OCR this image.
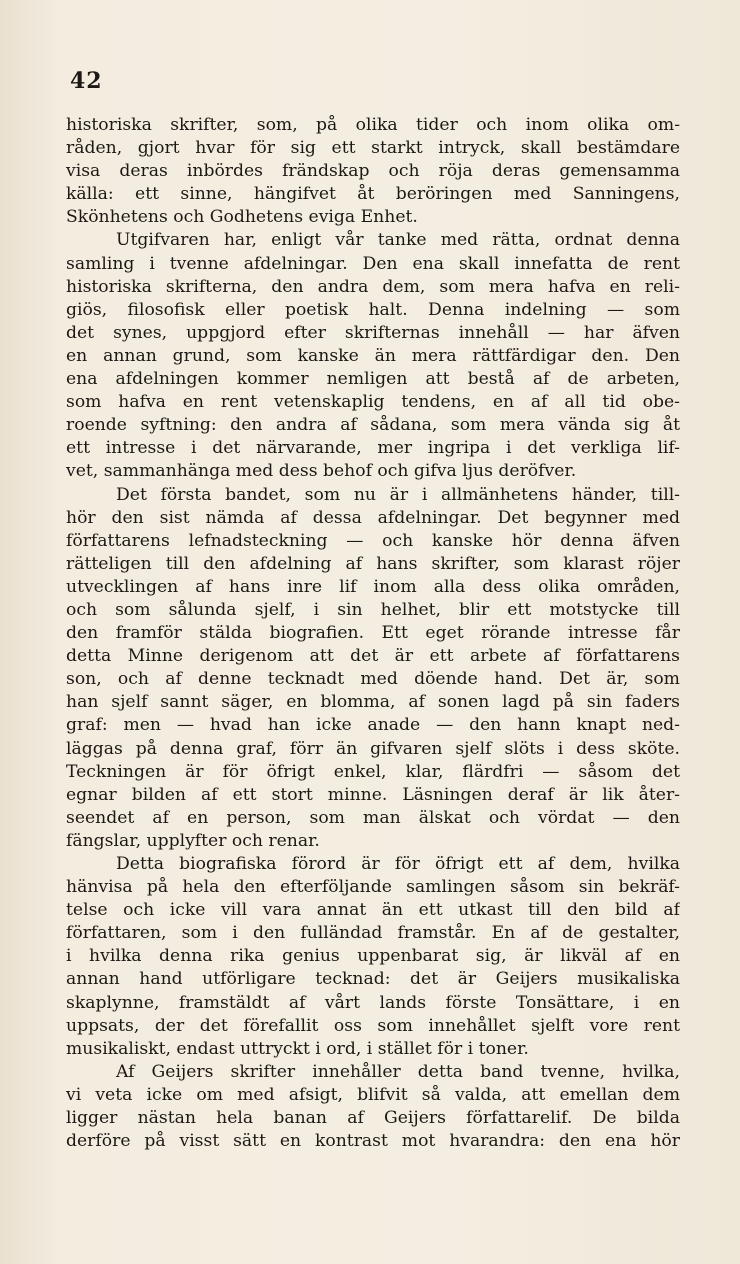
42
historiska skrifter, som, på olika tider och inom olika om-
råden, gjort hvar för sig ett starkt intryck, skall bestämdare
visa deras inbördes frändskap och röja deras gemensamma
källa: ett sinne, hängifvet åt beröringen med Sanningens,
Skönhetens och Godhetens eviga Enhet.
Utgifvaren har, enligt vår tanke med rätta, ordnat denna
samling i tvenne afdelningar. Den ena skall innefatta de rent
historiska skrifterna, den andra dem, som mera hafva en reli-
giös, filosofisk eller poetisk halt. Denna indelning — som
det synes, uppgjord efter skrifternas innehåll — har äfven
en annan grund, som kanske än mera rättfärdigar den. Den
ena afdelningen kommer nemligen att bestå af de arbeten,
som hafva en rent vetenskaplig tendens, en af all tid obe-
roende syftning: den andra af sådana, som mera vända sig åt
ett intresse i det närvarande, mer ingripa i det verkliga lif-
vet, sammanhänga med dess behof och gifva ljus deröfver.
Det första bandet, som nu är i allmänhetens händer, till-
hör den sist nämda af dessa afdelningar. Det begynner med
författarens lefnadsteckning — och kanske hör denna äfven
rätteligen till den afdelning af hans skrifter, som klarast röjer
utvecklingen af hans inre lif inom alla dess olika områden,
och som sålunda sjelf, i sin helhet, blir ett motstycke till
den framför stälda biografien. Ett eget rörande intresse får
detta Minne derigenom att det är ett arbete af författarens
son, och af denne tecknadt med döende hand. Det är, som
han sjelf sannt säger, en blomma, af sonen lagd på sin faders
graf: men — hvad han icke anade — den hann knapt ned-
läggas på denna graf, förr än gifvaren sjelf slöts i dess sköte.
Teckningen är för öfrigt enkel, klar, flärdfri — såsom det
egnar bilden af ett stort minne. Läsningen deraf är lik åter-
seendet af en person, som man älskat och vördat — den
fängslar, upplyfter och renar.
Detta biografiska förord är för öfrigt ett af dem, hvilka
hänvisa på hela den efterföljande samlingen såsom sin bekräf-
telse och icke vill vara annat än ett utkast till den bild af
författaren, som i den fulländad framstår. En af de gestalter,
i hvilka denna rika genius uppenbarat sig, är likväl af en
annan hand utförligare tecknad: det är Geijers musikaliska
skaplynne, framstäldt af vårt lands förste Tonsättare, i en
uppsats, der det förefallit oss som innehållet sjelft vore rent
musikaliskt, endast uttryckt i ord, i stället för i toner.
Af Geijers skrifter innehåller detta band tvenne, hvilka,
vi veta icke om med afsigt, blifvit så valda, att emellan dem
ligger nästan hela banan af Geijers författarelif. De bilda
derföre på visst sätt en kontrast mot hvarandra: den ena hör
